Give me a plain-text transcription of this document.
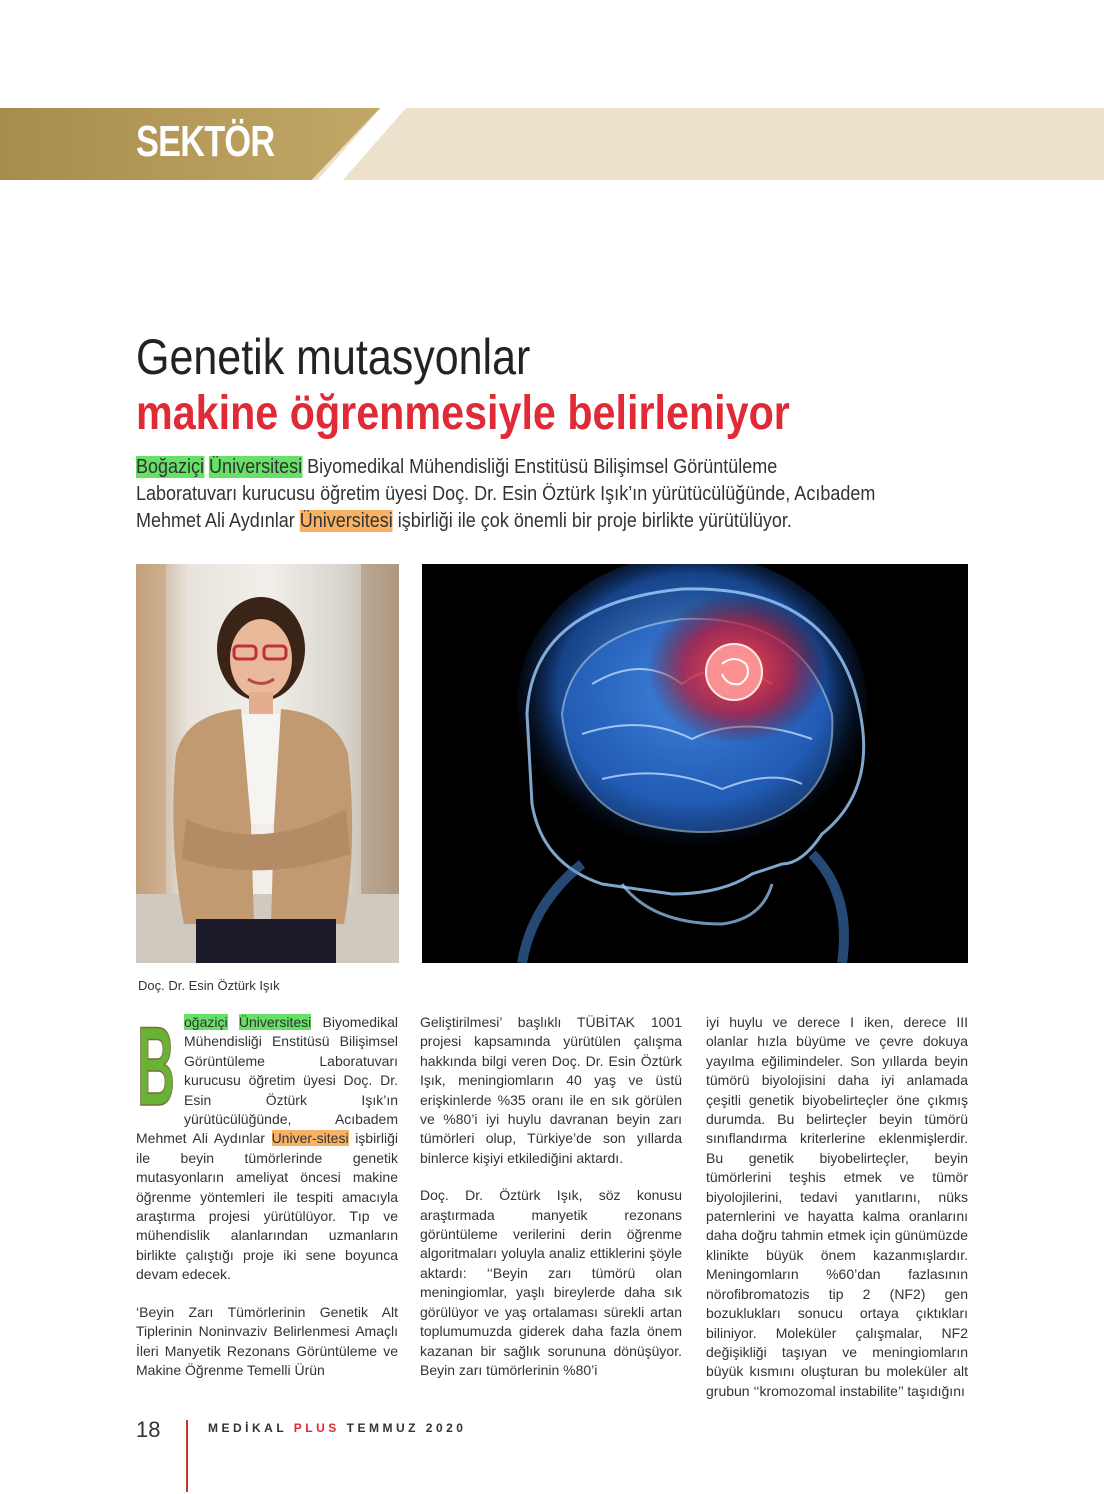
SEKTÖR
Genetik mutasyonlar
makine öğrenmesiyle belirleniyor
Boğaziçi Üniversitesi Biyomedikal Mühendisliği Enstitüsü Bilişimsel Görüntüleme
Laboratuvarı kurucusu öğretim üyesi Doç. Dr. Esin Öztürk Işık’ın yürütücülüğünde, Acıbadem
Mehmet Ali Aydınlar Üniversitesi işbirliği ile çok önemli bir proje birlikte yürütülüyor.
Doç. Dr. Esin Öztürk Işık

B oğaziçi Üniversitesi Biyomedikal Mühendisliği Enstitüsü Bilişimsel Görüntüleme Laboratuvarı kurucusu öğretim üyesi Doç. Dr. Esin Öztürk Işık’ın yürütücülüğünde, Acıbadem Mehmet Ali Aydınlar Univer-sitesi işbirliği ile beyin tümörlerinde genetik mutasyonların ameliyat öncesi makine öğrenme yöntemleri ile tespiti amacıyla araştırma projesi yürütülüyor. Tıp ve mühendislik alanlarından uzmanların birlikte çalıştığı proje iki sene boyunca devam edecek.

‘Beyin Zarı Tümörlerinin Genetik Alt Tiplerinin Noninvaziv Belirlenmesi Amaçlı İleri Manyetik Rezonans Görüntüleme ve Makine Öğrenme Temelli Ürün

Geliştirilmesi’ başlıklı TÜBİTAK 1001 projesi kapsamında yürütülen çalışma hakkında bilgi veren Doç. Dr. Esin Öztürk Işık, meningiomların 40 yaş ve üstü erişkinlerde %35 oranı ile en sık görülen ve %80’i iyi huylu davranan beyin zarı tümörleri olup, Türkiye’de son yıllarda binlerce kişiyi etkilediğini aktardı.

Doç. Dr. Öztürk Işık, söz konusu araştırmada manyetik rezonans görüntüleme verilerini derin öğrenme algoritmaları yoluyla analiz ettiklerini şöyle aktardı: ‘‘Beyin zarı tümörü olan meningiomlar, yaşlı bireylerde daha sık görülüyor ve yaş ortalaması sürekli artan toplumumuzda giderek daha fazla önem kazanan bir sağlık sorununa dönüşüyor. Beyin zarı tümörlerinin %80’i

iyi huylu ve derece I iken, derece III olanlar hızla büyüme ve çevre dokuya yayılma eğilimindeler. Son yıllarda beyin tümörü biyolojisini daha iyi anlamada çeşitli genetik biyobelirteçler öne çıkmış durumda. Bu belirteçler beyin tümörü sınıflandırma kriterlerine eklenmişlerdir. Bu genetik biyobelirteçler, beyin tümörlerini teşhis etmek ve tümör biyolojilerini, tedavi yanıtlarını, nüks paternlerini ve hayatta kalma oranlarını daha doğru tahmin etmek için günümüzde klinikte büyük önem kazanmışlardır. Meningomların %60’dan fazlasının nörofibromatozis tip 2 (NF2) gen bozuklukları sonucu ortaya çıktıkları biliniyor. Moleküler çalışmalar, NF2 değişikliği taşıyan ve meningiomların büyük kısmını oluşturan bu moleküler alt grubun ‘‘kromozomal instabilite’’ taşıdığını

18	MEDİKAL PLUS TEMMUZ 2020
